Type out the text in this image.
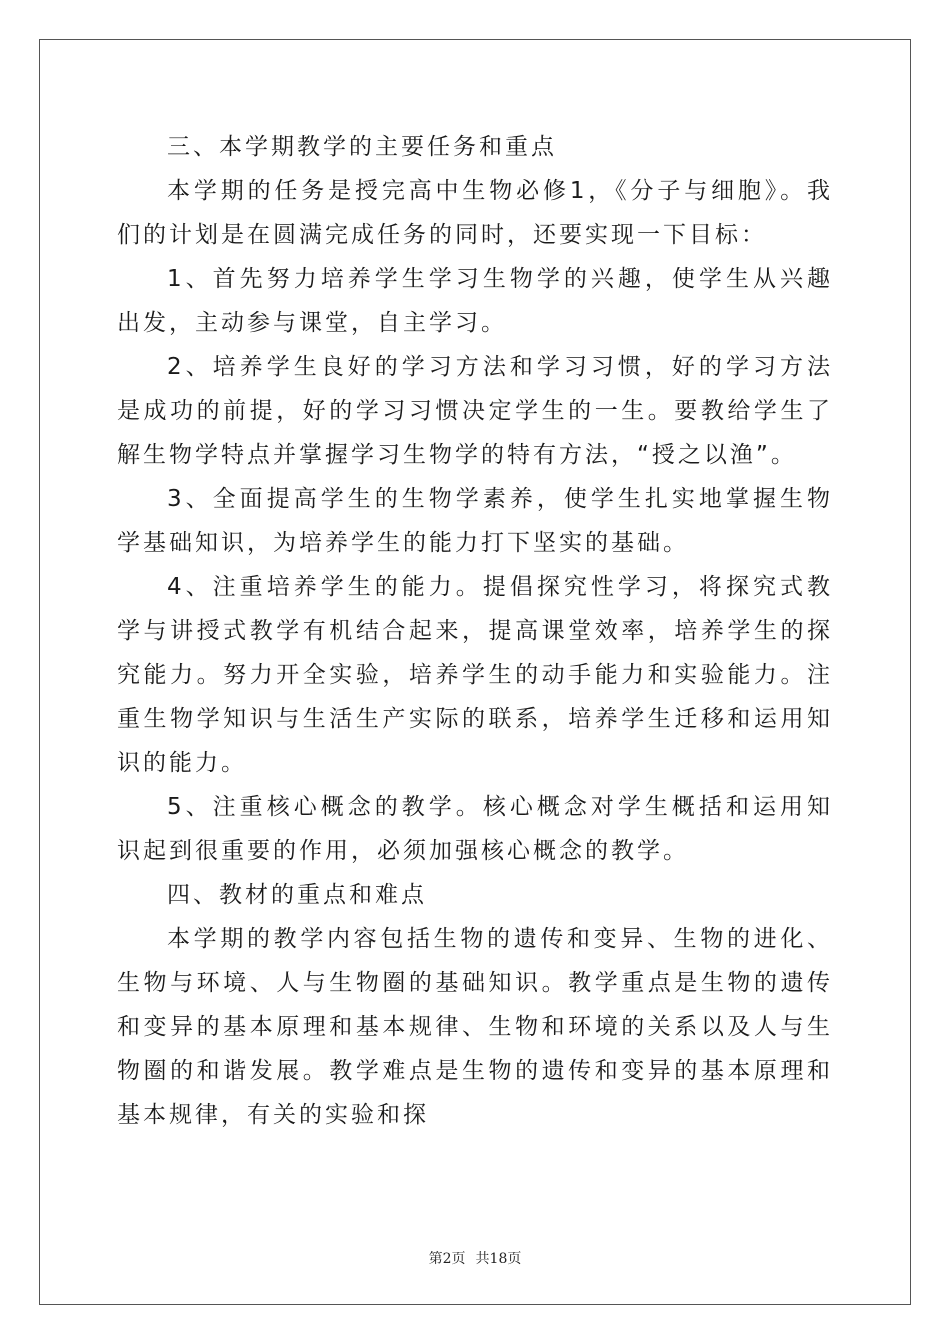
三、本学期教学的主要任务和重点

本学期的任务是授完高中生物必修1，《分子与细胞》。我们的计划是在圆满完成任务的同时，还要实现一下目标：

1、首先努力培养学生学习生物学的兴趣，使学生从兴趣出发，主动参与课堂，自主学习。

2、培养学生良好的学习方法和学习习惯，好的学习方法是成功的前提，好的学习习惯决定学生的一生。要教给学生了解生物学特点并掌握学习生物学的特有方法，“授之以渔”。

3、全面提高学生的生物学素养，使学生扎实地掌握生物学基础知识，为培养学生的能力打下坚实的基础。

4、注重培养学生的能力。提倡探究性学习，将探究式教学与讲授式教学有机结合起来，提高课堂效率，培养学生的探究能力。努力开全实验，培养学生的动手能力和实验能力。注重生物学知识与生活生产实际的联系，培养学生迁移和运用知识的能力。

5、注重核心概念的教学。核心概念对学生概括和运用知识起到很重要的作用，必须加强核心概念的教学。

四、教材的重点和难点

本学期的教学内容包括生物的遗传和变异、生物的进化、生物与环境、人与生物圈的基础知识。教学重点是生物的遗传和变异的基本原理和基本规律、生物和环境的关系以及人与生物圈的和谐发展。教学难点是生物的遗传和变异的基本原理和基本规律，有关的实验和探

第2页 共18页
